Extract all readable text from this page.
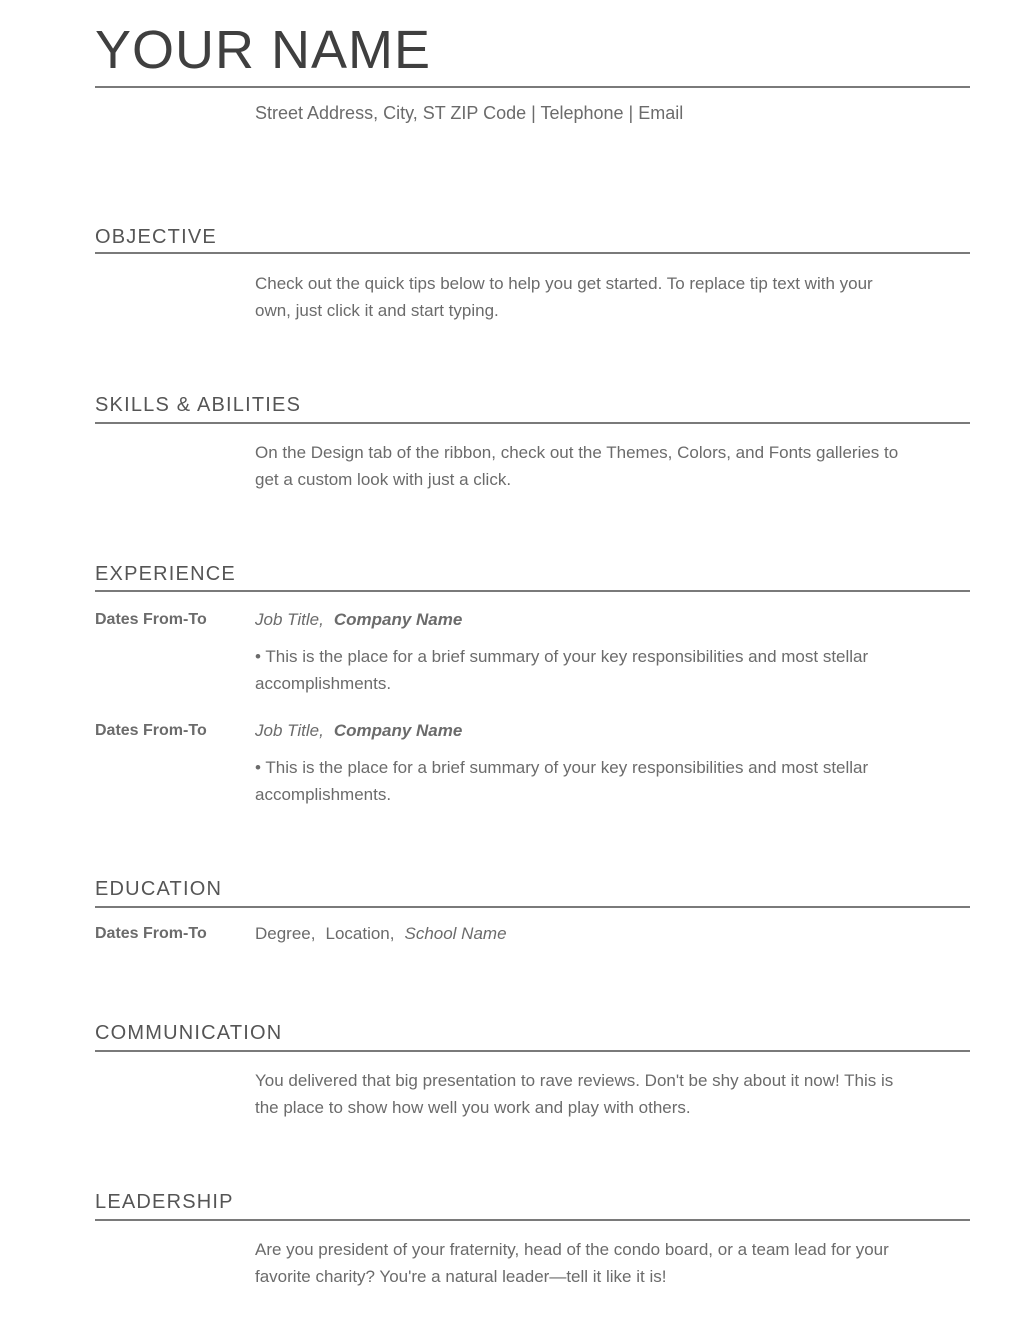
YOUR NAME
Street Address, City, ST ZIP Code | Telephone | Email
OBJECTIVE
Check out the quick tips below to help you get started. To replace tip text with your own, just click it and start typing.
SKILLS & ABILITIES
On the Design tab of the ribbon, check out the Themes, Colors, and Fonts galleries to get a custom look with just a click.
EXPERIENCE
Dates From-To	Job Title, Company Name
• This is the place for a brief summary of your key responsibilities and most stellar accomplishments.
Dates From-To	Job Title, Company Name
• This is the place for a brief summary of your key responsibilities and most stellar accomplishments.
EDUCATION
Dates From-To	Degree, Location, School Name
COMMUNICATION
You delivered that big presentation to rave reviews. Don't be shy about it now! This is the place to show how well you work and play with others.
LEADERSHIP
Are you president of your fraternity, head of the condo board, or a team lead for your favorite charity? You're a natural leader—tell it like it is!
